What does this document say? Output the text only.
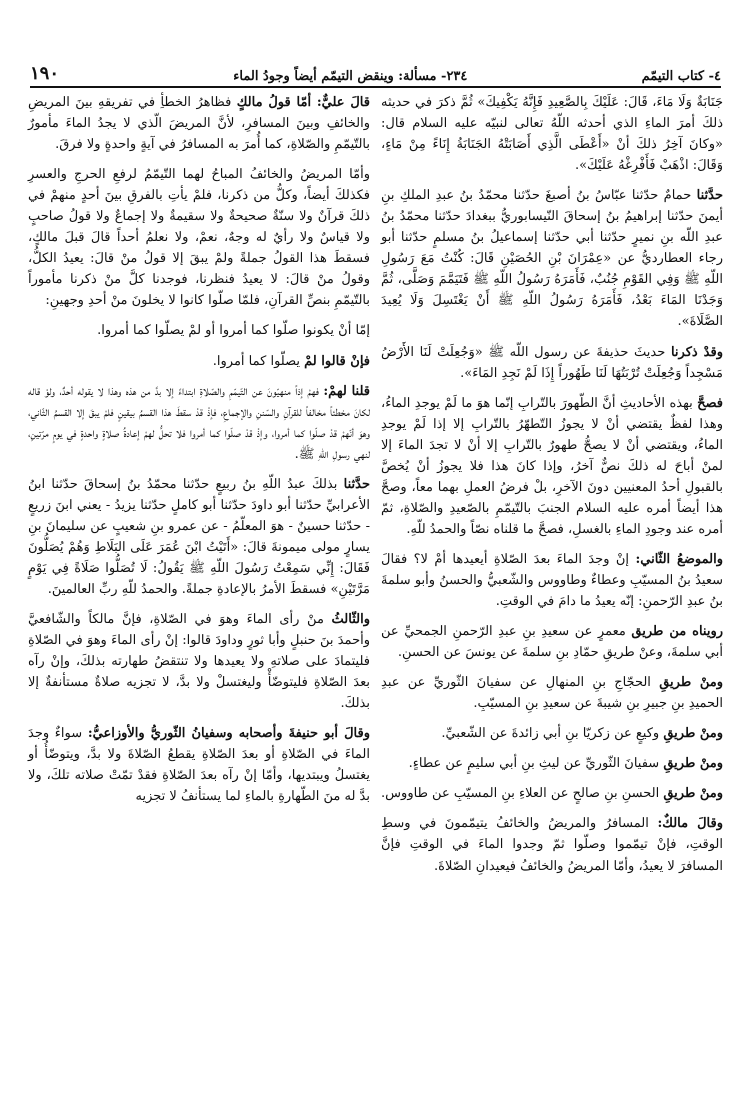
٤- كتاب التيمّم
٢٣٤- مسألة: وينقض التيمّم أيضاً وجودُ الماء
١٩٠

جَنَابَةٌ وَلَا مَاءَ، قَالَ: عَلَيْكَ بِالصَّعِيدِ فَإِنَّهُ يَكْفِيكَ» ثُمَّ ذكرَ في حديثه ذلكَ أمرَ الماءِ الذي أحدثه اللّهُ تعالى لنبيّه عليه السلام قال: «وكانَ آخِرُ ذلكَ أنْ «أَعْطَى الَّذِي أَصَابَتْهُ الجَنَابَةُ إِنَاءً مِنْ مَاءٍ، وَقَالَ: اذْهَبْ فَأَفْرِغْهُ عَلَيْكَ».

حدَّثنا حمامٌ حدّثنا عبّاسُ بنُ أصبغَ حدّثنا محمّدُ بنُ عبدِ الملكِ بنِ أيمنَ حدّثنا إبراهيمُ بنُ إسحاقَ النّيسابوريُّ ببغدادَ حدّثنا محمّدُ بنُ عبدِ اللّه بنِ نميرٍ حدّثنا أبي حدّثنا إسماعيلُ بنُ مسلمٍ حدّثنا أبو رجاء العطارديُّ عن «عِمْرَانَ بْنِ الحُصَيْنِ قَالَ: كُنْتُ مَعَ رَسُولِ اللّهِ ﷺ وَفِي القَوْمِ جُنُبٌ، فَأَمَرَهُ رَسُولُ اللّهِ ﷺ فَتَيَمَّمَ وَصَلَّى، ثُمَّ وَجَدْنَا المَاءَ بَعْدُ، فَأَمَرَهُ رَسُولُ اللّهِ ﷺ أَنْ يَغْتَسِلَ وَلَا يُعِيدَ الصَّلَاةَ».

وقدْ ذكرنا حديثَ حذيفةَ عن رسول اللّه ﷺ «وَجُعِلَتْ لَنَا الأَرْضُ مَسْجِداً وَجُعِلَتْ تُرْبَتُهَا لَنَا طَهُوراً إِذَا لَمْ نَجِدِ المَاءَ».

فصحَّ بهذه الأحاديثِ أنَّ الطّهورَ بالتّرابِ إنّما هوَ ما لَمْ يوجدِ الماءُ، وهذا لفظٌ يقتضي أنْ لا يجوزُ التّطهّرُ بالتّرابِ إلا إذا لَمْ يوجدِ الماءُ، ويقتضي أنْ لا يصحُّ طهورٌ بالتّرابِ إلا أنْ لا تجدَ الماءَ إلا لمنْ أباحَ له ذلكَ نصٌّ آخرُ، وإذا كانَ هذا فلا يجوزُ أنْ يُخصَّ بالقبولِ أحدُ المعنيين دونَ الآخرِ، بلْ فرضُ العملِ بهما معاً، وصحَّ هذا أيضاً أمره عليه السلام الجنبَ بالتّيمّمِ بالصّعيدِ والصّلاةِ، ثمّ أمره عند وجودِ الماءِ بالغسلِ، فصحَّ ما قلناه نصّاً والحمدُ للّهِ.

والموضعُ الثّاني: إنْ وجدَ الماءَ بعدَ الصّلاةِ أيعيدها أمْ لا؟ فقالَ سعيدُ بنُ المسيّبِ وعطاءٌ وطاووس والشّعبيُّ والحسنُ وأبو سلمةَ بنُ عبدِ الرّحمنِ: إنّه يعيدُ ما دامَ في الوقتِ.

رويناه من طريق معمرٍ عن سعيدِ بنِ عبدِ الرّحمنِ الجمحيِّ عن أبي سلمةَ، وعنْ طريقِ حمّادِ بنِ سلمةَ عن يونسَ عن الحسنِ.

ومنْ طريقِ الحجّاجِ بنِ المنهالِ عن سفيانَ الثّوريِّ عن عبدِ الحميدِ بنِ جبيرِ بنِ شيبةَ عن سعيدِ بنِ المسيّبِ.

ومنْ طريقِ وكيعٍ عن زكريّا بنِ أبي زائدةَ عن الشّعبيِّ.

ومنْ طريقِ سفيانَ الثّوريِّ عن ليثِ بنِ أبي سليمٍ عن عطاءٍ.

ومنْ طريقِ الحسنِ بنِ صالحٍ عن العلاءِ بنِ المسيّبِ عن طاووس.

وقالَ مالكٌ: المسافرُ والمريضُ والخائفُ يتيمّمونَ في وسطِ الوقتِ، فإنْ تيمّموا وصلّوا ثمّ وجدوا الماءَ في الوقتِ فإنَّ المسافرَ لا يعيدُ، وأمّا المريضُ والخائفُ فيعيدانِ الصّلاةَ.

قالَ عليٌّ: أمّا قولُ مالكٍ فظاهرُ الخطأِ في تفريقهِ بينَ المريضِ والخائفِ وبينَ المسافرِ، لأنَّ المريضَ الّذي لا يجدُ الماءَ مأمورٌ بالتّيمّمِ والصّلاةِ، كما أُمرَ به المسافرُ في آيةٍ واحدةٍ ولا فرقَ.

وأمّا المريضُ والخائفُ المباحُ لهما التّيمّمُ لرفعِ الحرجِ والعسرِ فكذلكَ أيضاً، وكلُّ من ذكرنا، فلمْ يأتِ بالفرقِ بينَ أحدٍ منهمْ في ذلكَ قرآنٌ ولا سنّةٌ صحيحةٌ ولا سقيمةٌ ولا إجماعٌ ولا قولُ صاحبٍ ولا قياسٌ ولا رأيٌ له وجهٌ، نعمْ، ولا نعلمُ أحداً قالَ قبلَ مالكٍ، فسقطَ هذا القولُ جملةً ولمْ يبقَ إلا قولُ منْ قالَ: يعيدُ الكلُّ، وقولُ منْ قالَ: لا يعيدُ فنظرنا، فوجدنا كلَّ منْ ذكرنا مأموراً بالتّيمّمِ بنصِّ القرآنِ، فلمّا صلّوا كانوا لا يخلونَ منْ أحدِ وجهينِ:

إمّا أنْ يكونوا صلّوا كما أمروا أو لمْ يصلّوا كما أمروا.

فإنْ قالوا لمْ يصلّوا كما أمروا.

قلنا لهمْ: فهمْ إذاً منهيّونَ عن التّيمّمِ والصّلاةِ ابتداءً إلا بدَّ من هذه وهذا لا يقوله أحدٌ، ولوْ قاله لكانَ مخطئاً مخالفاً للقرآنِ والسّننِ والإجماعِ، فإذْ قدْ سقطَ هذا القسمُ بيقينٍ فلمْ يبقَ إلا القسمُ الثّاني، وهوَ أنّهمْ قدْ صلّوا كما أمروا، وإذْ قدْ صلّوا كما أمروا فلا تحلُّ لهمْ إعادةُ صلاةٍ واحدةٍ في يومٍ مرّتينِ، لنهي رسولِ اللّهِ ﷺ.

حدَّثنا بذلكَ عبدُ اللّهِ بنُ ربيعٍ حدّثنا محمّدُ بنُ إسحاقَ حدّثنا ابنُ الأعرابيِّ حدّثنا أبو داودَ حدّثنا أبو كاملٍ حدّثنا يزيدُ - يعني ابنَ زريعٍ - حدّثنا حسينٌ - هوَ المعلّمُ - عن عمرو بنِ شعيبٍ عن سليمانَ بنِ يسارٍ مولى ميمونةَ قالَ: «أَتَيْتُ ابْنَ عُمَرَ عَلَى البَلَاطِ وَهُمْ يُصَلُّونَ فَقَالَ: إِنِّي سَمِعْتُ رَسُولَ اللّهِ ﷺ يَقُولُ: لَا تُصَلُّوا صَلَاةً فِي يَوْمٍ مَرَّتَيْنِ» فسقطَ الأمرُ بالإعادةِ جملةً. والحمدُ للّهِ ربِّ العالمينَ.

والثّالثُ منْ رأى الماءَ وهوَ في الصّلاةِ، فإنَّ مالكاً والشّافعيَّ وأحمدَ بنَ حنبلٍ وأبا ثورٍ وداودَ قالوا: إنْ رأى الماءَ وهوَ في الصّلاةِ فليتمادَ على صلاتهِ ولا يعيدها ولا تنتقضُ طهارته بذلكَ، وإنْ رآه بعدَ الصّلاةِ فليتوضّأْ وليغتسلْ ولا بدَّ، لا تجزيه صلاةٌ مستأنفةٌ إلا بذلكَ.

وقالَ أبو حنيفةَ وأصحابه وسفيانُ الثّوريُّ والأوزاعيُّ: سواءٌ وجدَ الماءَ في الصّلاةِ أو بعدَ الصّلاةِ يقطعُ الصّلاةَ ولا بدَّ، ويتوضّأُ أو يغتسلُ ويبتديها، وأمّا إنْ رآه بعدَ الصّلاةِ فقدْ تمّتْ صلاته تلكَ، ولا بدَّ له منَ الطّهارةِ بالماءِ لما يستأنفُ لا تجزيه
